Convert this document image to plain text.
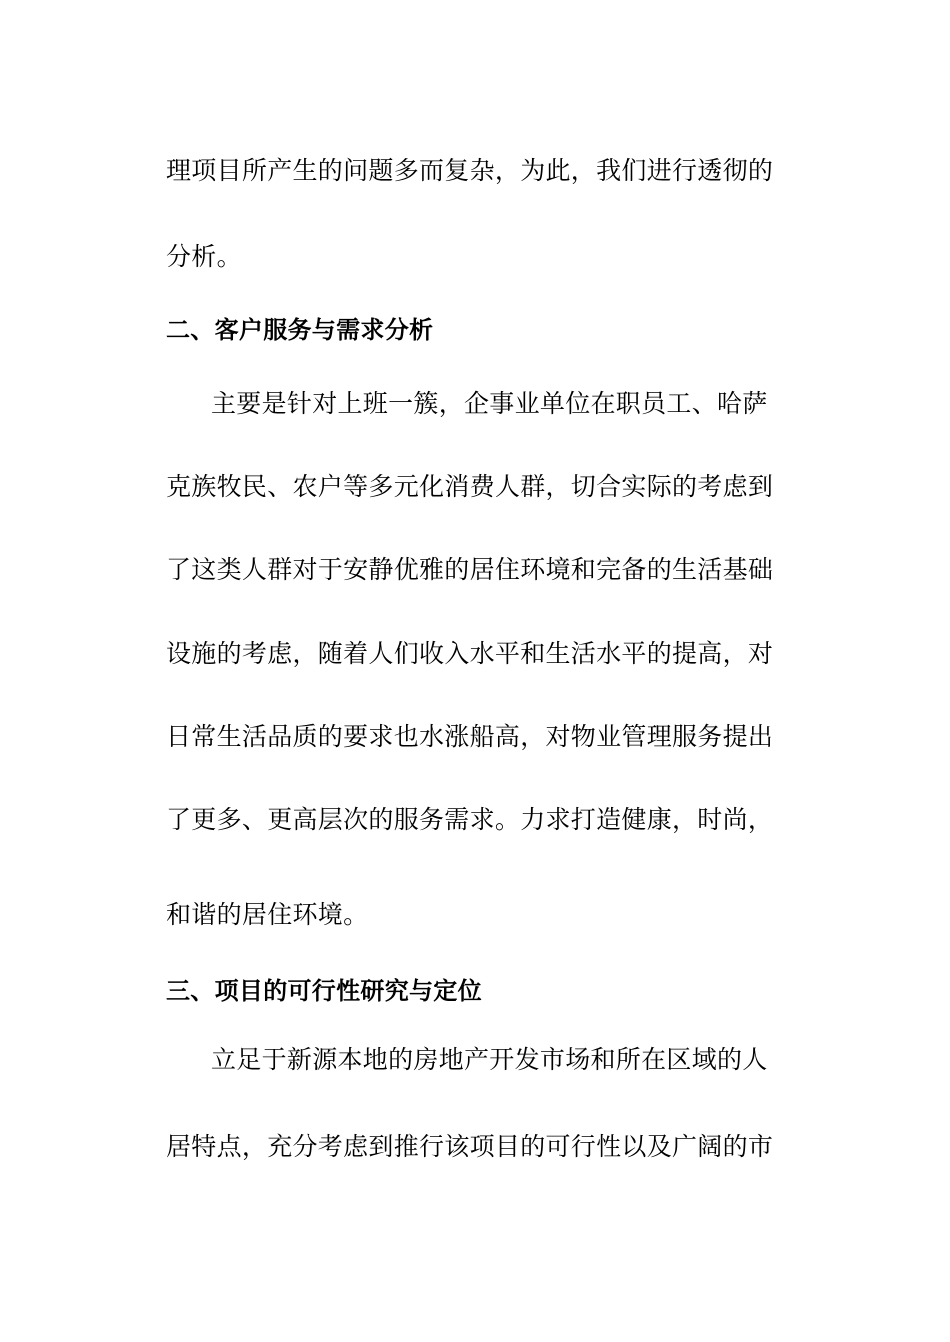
理项目所产生的问题多而复杂，为此，我们进行透彻的
分析。
二、客户服务与需求分析
主要是针对上班一簇，企事业单位在职员工、哈萨
克族牧民、农户等多元化消费人群，切合实际的考虑到
了这类人群对于安静优雅的居住环境和完备的生活基础
设施的考虑，随着人们收入水平和生活水平的提高，对
日常生活品质的要求也水涨船高，对物业管理服务提出
了更多、更高层次的服务需求。力求打造健康，时尚，
和谐的居住环境。
三、项目的可行性研究与定位
立足于新源本地的房地产开发市场和所在区域的人
居特点，充分考虑到推行该项目的可行性以及广阔的市
